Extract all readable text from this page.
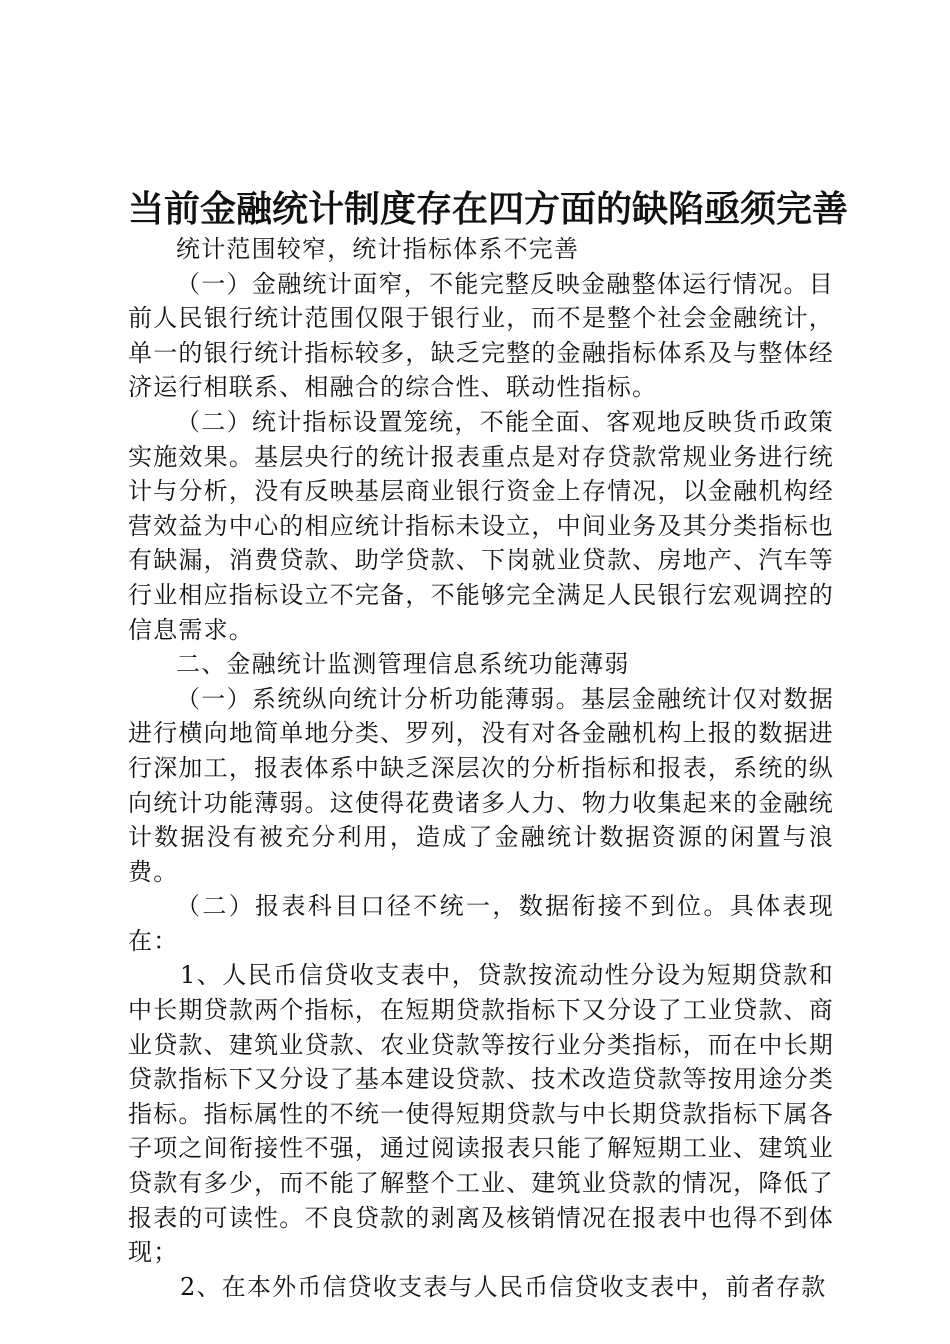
当前金融统计制度存在四方面的缺陷亟须完善

统计范围较窄，统计指标体系不完善

（一）金融统计面窄，不能完整反映金融整体运行情况。目前人民银行统计范围仅限于银行业，而不是整个社会金融统计，单一的银行统计指标较多，缺乏完整的金融指标体系及与整体经济运行相联系、相融合的综合性、联动性指标。

（二）统计指标设置笼统，不能全面、客观地反映货币政策实施效果。基层央行的统计报表重点是对存贷款常规业务进行统计与分析，没有反映基层商业银行资金上存情况，以金融机构经营效益为中心的相应统计指标未设立，中间业务及其分类指标也有缺漏，消费贷款、助学贷款、下岗就业贷款、房地产、汽车等行业相应指标设立不完备，不能够完全满足人民银行宏观调控的信息需求。

二、金融统计监测管理信息系统功能薄弱

（一）系统纵向统计分析功能薄弱。基层金融统计仅对数据进行横向地简单地分类、罗列，没有对各金融机构上报的数据进行深加工，报表体系中缺乏深层次的分析指标和报表，系统的纵向统计功能薄弱。这使得花费诸多人力、物力收集起来的金融统计数据没有被充分利用，造成了金融统计数据资源的闲置与浪费。

（二）报表科目口径不统一，数据衔接不到位。具体表现在：

1、人民币信贷收支表中，贷款按流动性分设为短期贷款和中长期贷款两个指标，在短期贷款指标下又分设了工业贷款、商业贷款、建筑业贷款、农业贷款等按行业分类指标，而在中长期贷款指标下又分设了基本建设贷款、技术改造贷款等按用途分类指标。指标属性的不统一使得短期贷款与中长期贷款指标下属各子项之间衔接性不强，通过阅读报表只能了解短期工业、建筑业贷款有多少，而不能了解整个工业、建筑业贷款的情况，降低了报表的可读性。不良贷款的剥离及核销情况在报表中也得不到体现；

2、在本外币信贷收支表与人民币信贷收支表中，前者存款
